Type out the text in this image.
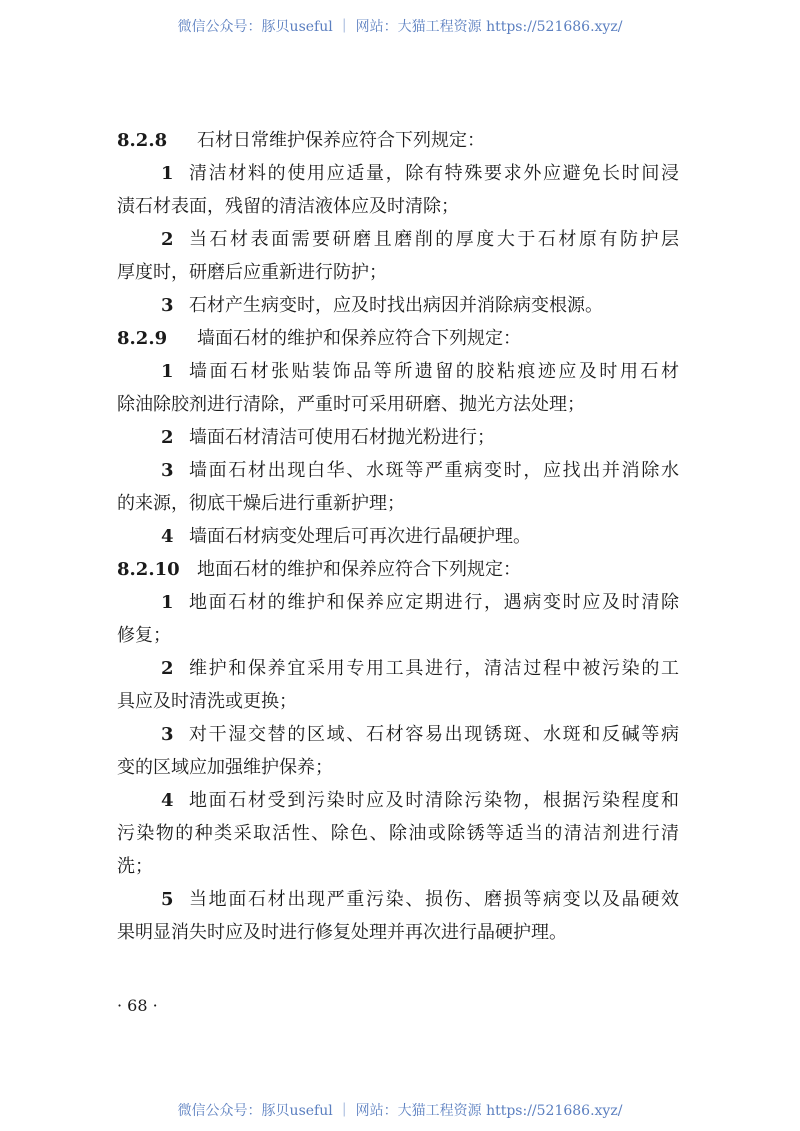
微信公众号：豚贝useful ｜ 网站：大猫工程资源 https://521686.xyz/
8.2.8	石材日常维护保养应符合下列规定：
1 清洁材料的使用应适量，除有特殊要求外应避免长时间浸
渍石材表面，残留的清洁液体应及时清除；
2 当石材表面需要研磨且磨削的厚度大于石材原有防护层
厚度时，研磨后应重新进行防护；
3 石材产生病变时，应及时找出病因并消除病变根源。
8.2.9	墙面石材的维护和保养应符合下列规定：
1 墙面石材张贴装饰品等所遗留的胶粘痕迹应及时用石材
除油除胶剂进行清除，严重时可采用研磨、抛光方法处理；
2 墙面石材清洁可使用石材抛光粉进行；
3 墙面石材出现白华、水斑等严重病变时，应找出并消除水
的来源，彻底干燥后进行重新护理；
4 墙面石材病变处理后可再次进行晶硬护理。
8.2.10 地面石材的维护和保养应符合下列规定：
1 地面石材的维护和保养应定期进行，遇病变时应及时清除
修复；
2 维护和保养宜采用专用工具进行，清洁过程中被污染的工
具应及时清洗或更换；
3 对干湿交替的区域、石材容易出现锈斑、水斑和反碱等病
变的区域应加强维护保养；
4 地面石材受到污染时应及时清除污染物，根据污染程度和
污染物的种类采取活性、除色、除油或除锈等适当的清洁剂进行清
洗；
5 当地面石材出现严重污染、损伤、磨损等病变以及晶硬效
果明显消失时应及时进行修复处理并再次进行晶硬护理。
· 68 ·
微信公众号：豚贝useful ｜ 网站：大猫工程资源 https://521686.xyz/
